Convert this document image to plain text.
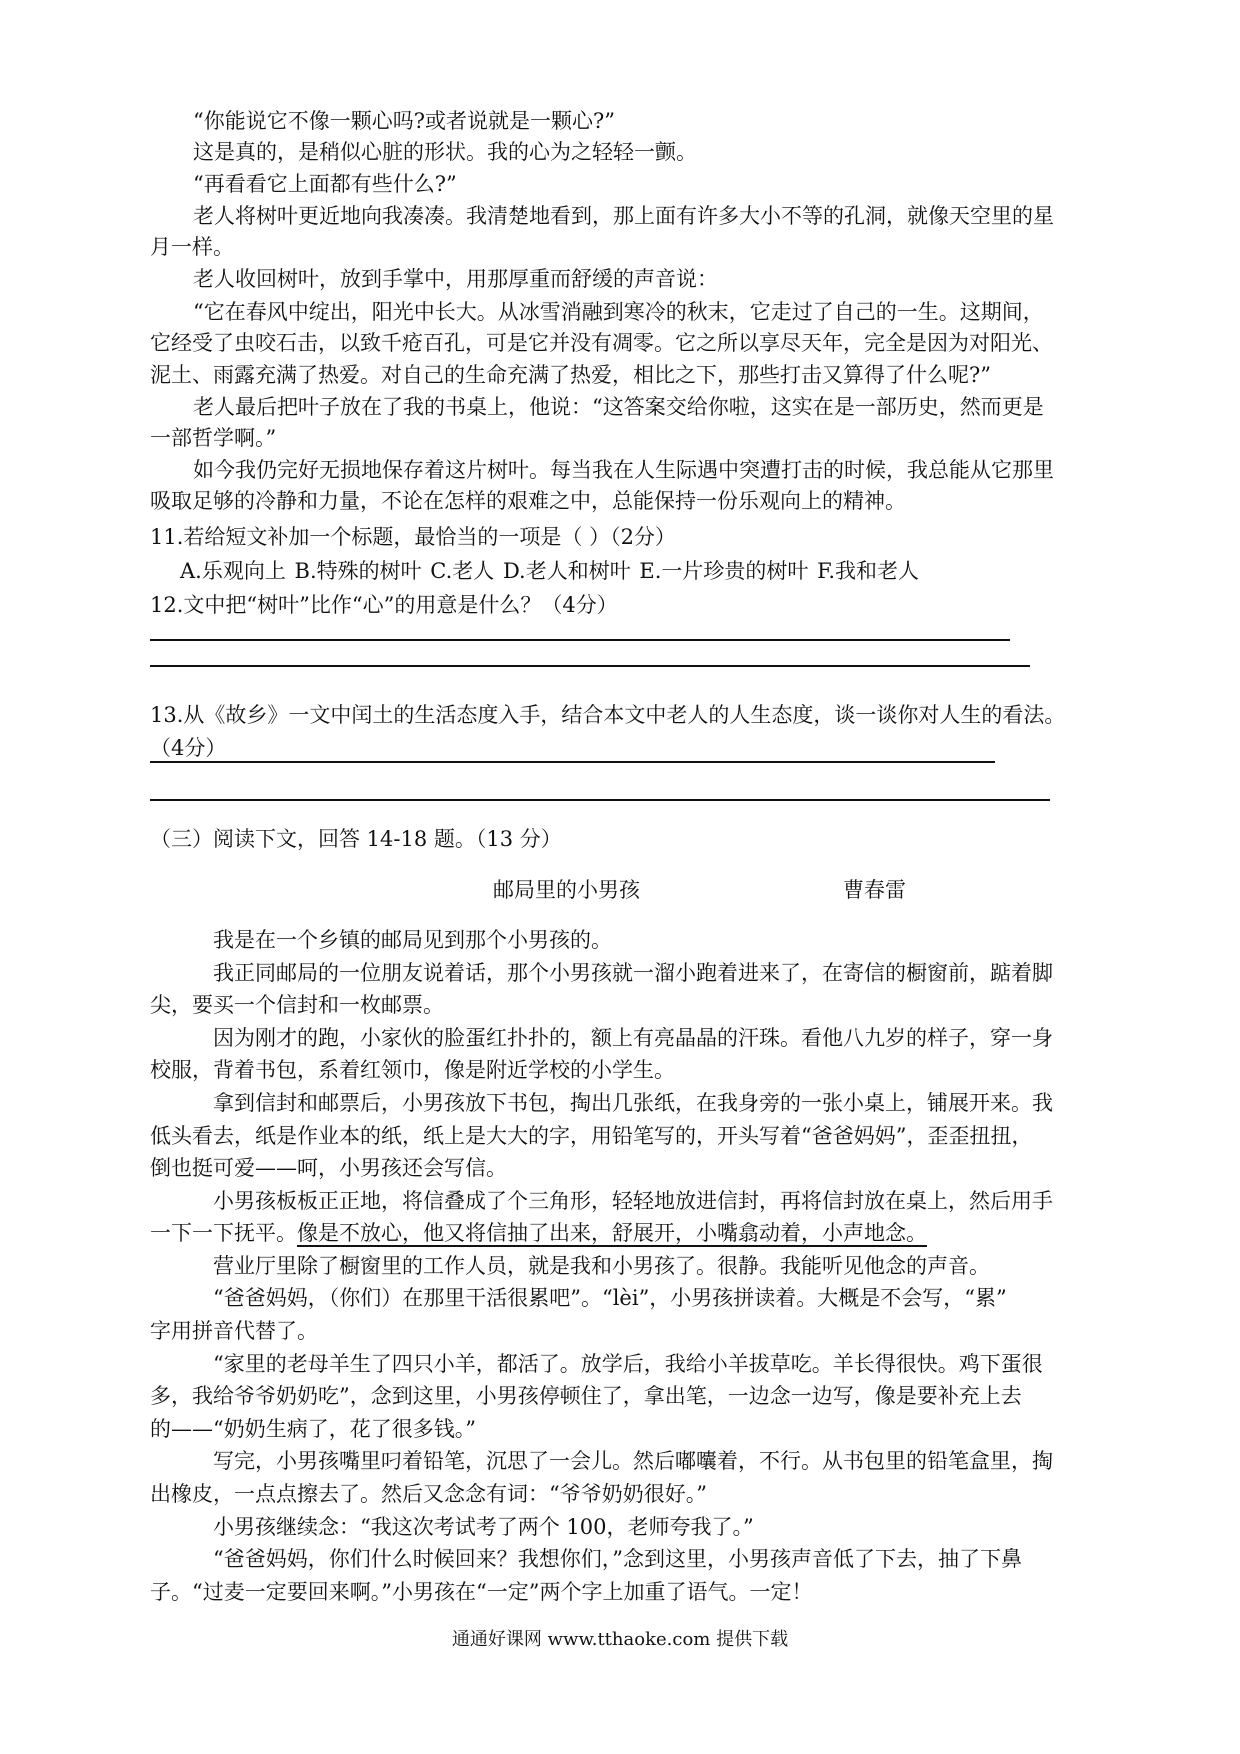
“你能说它不像一颗心吗?或者说就是一颗心?”

这是真的，是稍似心脏的形状。我的心为之轻轻一颤。

“再看看它上面都有些什么?”

老人将树叶更近地向我凑凑。我清楚地看到，那上面有许多大小不等的孔洞，就像天空里的星

月一样。

老人收回树叶，放到手掌中，用那厚重而舒缓的声音说：

“它在春风中绽出，阳光中长大。从冰雪消融到寒冷的秋末，它走过了自己的一生。这期间，

它经受了虫咬石击，以致千疮百孔，可是它并没有凋零。它之所以享尽天年，完全是因为对阳光、

泥土、雨露充满了热爱。对自己的生命充满了热爱，相比之下，那些打击又算得了什么呢?”

老人最后把叶子放在了我的书桌上，他说：“这答案交给你啦，这实在是一部历史，然而更是

一部哲学啊。”

如今我仍完好无损地保存着这片树叶。每当我在人生际遇中突遭打击的时候，我总能从它那里

吸取足够的冷静和力量，不论在怎样的艰难之中，总能保持一份乐观向上的精神。

11.若给短文补加一个标题，最恰当的一项是（ ）（2分）

A.乐观向上 B.特殊的树叶 C.老人 D.老人和树叶 E.一片珍贵的树叶 F.我和老人

12.文中把“树叶”比作“心”的用意是什么？（4分）

13.从《故乡》一文中闰土的生活态度入手，结合本文中老人的人生态度，谈一谈你对人生的看法。

（4分）

（三）阅读下文，回答 14-18 题。（13 分）

邮局里的小男孩	曹春雷

我是在一个乡镇的邮局见到那个小男孩的。

我正同邮局的一位朋友说着话，那个小男孩就一溜小跑着进来了，在寄信的橱窗前，踮着脚

尖，要买一个信封和一枚邮票。

因为刚才的跑，小家伙的脸蛋红扑扑的，额上有亮晶晶的汗珠。看他八九岁的样子，穿一身

校服，背着书包，系着红领巾，像是附近学校的小学生。

拿到信封和邮票后，小男孩放下书包，掏出几张纸，在我身旁的一张小桌上，铺展开来。我

低头看去，纸是作业本的纸，纸上是大大的字，用铅笔写的，开头写着“爸爸妈妈”，歪歪扭扭，

倒也挺可爱——呵，小男孩还会写信。

小男孩板板正正地，将信叠成了个三角形，轻轻地放进信封，再将信封放在桌上，然后用手

一下一下抚平。像是不放心，他又将信抽了出来，舒展开，小嘴翕动着，小声地念。

营业厅里除了橱窗里的工作人员，就是我和小男孩了。很静。我能听见他念的声音。

“爸爸妈妈，（你们）在那里干活很累吧”。“lèi”，小男孩拼读着。大概是不会写，“累”

字用拼音代替了。

“家里的老母羊生了四只小羊，都活了。放学后，我给小羊拔草吃。羊长得很快。鸡下蛋很

多，我给爷爷奶奶吃”，念到这里，小男孩停顿住了，拿出笔，一边念一边写，像是要补充上去

的——“奶奶生病了，花了很多钱。”

写完，小男孩嘴里叼着铅笔，沉思了一会儿。然后嘟囔着，不行。从书包里的铅笔盒里，掏

出橡皮，一点点擦去了。然后又念念有词：“爷爷奶奶很好。”

小男孩继续念：“我这次考试考了两个 100，老师夸我了。”

“爸爸妈妈，你们什么时候回来？我想你们，”念到这里，小男孩声音低了下去，抽了下鼻

子。“过麦一定要回来啊。”小男孩在“一定”两个字上加重了语气。一定！

通通好课网 www.tthaoke.com 提供下载
